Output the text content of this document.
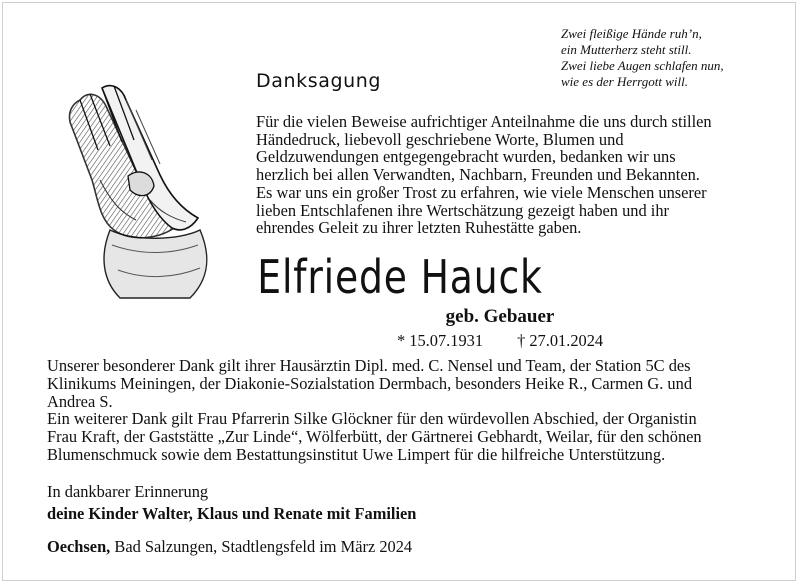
Zwei fleißige Hände ruh’n,
ein Mutterherz steht still.
Zwei liebe Augen schlafen nun,
wie es der Herrgott will.
Danksagung
Für die vielen Beweise aufrichtiger Anteilnahme die uns durch stillen
Händedruck, liebevoll geschriebene Worte, Blumen und
Geldzuwendungen entgegengebracht wurden, bedanken wir uns
herzlich bei allen Verwandten, Nachbarn, Freunden und Bekannten.
Es war uns ein großer Trost zu erfahren, wie viele Menschen unserer
lieben Entschlafenen ihre Wertschätzung gezeigt haben und ihr
ehrendes Geleit zu ihrer letzten Ruhestätte gaben.
Elfriede Hauck
geb. Gebauer
* 15.07.1931 † 27.01.2024
Unserer besonderer Dank gilt ihrer Hausärztin Dipl. med. C. Nensel und Team, der Station 5C des
Klinikums Meiningen, der Diakonie-Sozialstation Dermbach, besonders Heike R., Carmen G. und
Andrea S.
Ein weiterer Dank gilt Frau Pfarrerin Silke Glöckner für den würdevollen Abschied, der Organistin
Frau Kraft, der Gaststätte „Zur Linde“, Wölferbütt, der Gärtnerei Gebhardt, Weilar, für den schönen
Blumenschmuck sowie dem Bestattungsinstitut Uwe Limpert für die hilfreiche Unterstützung.
In dankbarer Erinnerung
deine Kinder Walter, Klaus und Renate mit Familien
Oechsen, Bad Salzungen, Stadtlengsfeld im März 2024
